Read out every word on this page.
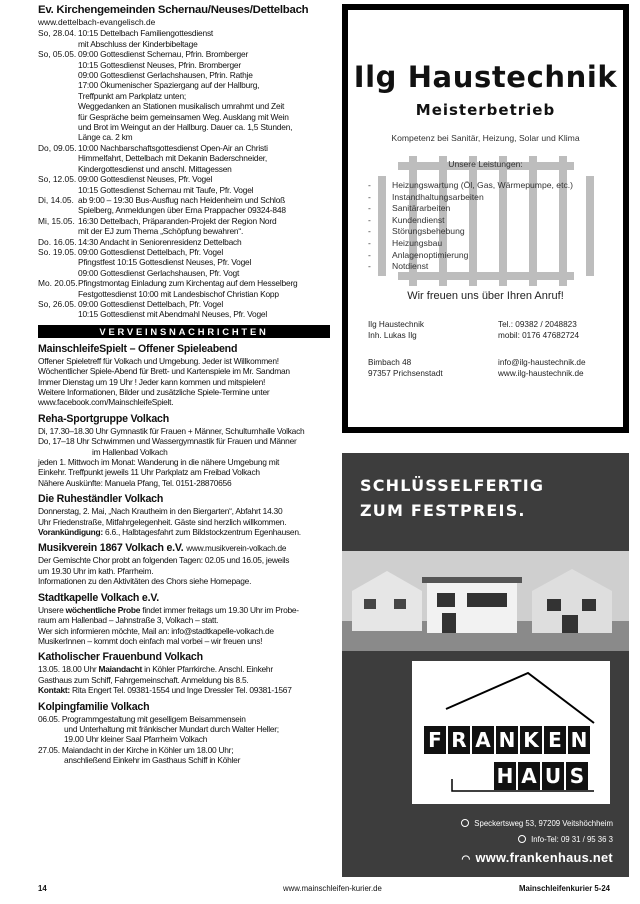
Ev. Kirchengemeinden Schernau/Neuses/Dettelbach
www.dettelbach-evangelisch.de
So, 28.04. 10:15 Dettelbach Familiengottesdienst
mit Abschluss der Kinderbibeltage
So, 05.05. 09:00 Gottesdienst Schernau, Pfrin. Bromberger
10:15 Gottesdienst Neuses, Pfrin. Bromberger
09:00 Gottesdienst Gerlachshausen, Pfrin. Rathje
17:00 Ökumenischer Spaziergang auf der Hallburg,
Treffpunkt am Parkplatz unten;
Weggedanken an Stationen musikalisch umrahmt und Zeit
für Gespräche beim gemeinsamen Weg. Ausklang mit Wein
und Brot im Weingut an der Hallburg. Dauer ca. 1,5 Stunden,
Länge ca. 2 km
Do, 09.05. 10:00 Nachbarschaftsgottesdienst Open-Air an Christi
Himmelfahrt, Dettelbach mit Dekanin Baderschneider,
Kindergottesdienst und anschl. Mittagessen
So, 12.05. 09:00 Gottesdienst Neuses, Pfr. Vogel
10:15 Gottesdienst Schernau mit Taufe, Pfr. Vogel
Di, 14.05. ab 9:00 – 19:30 Bus-Ausflug nach Heidenheim und Schloß
Spielberg, Anmeldungen über Erna Prappacher 09324-848
Mi, 15.05. 16:30 Dettelbach, Präparanden-Projekt der Region Nord
mit der EJ zum Thema „Schöpfung bewahren“.
Do. 16.05. 14:30 Andacht in Seniorenresidenz Dettelbach
So. 19.05. 09:00 Gottesdienst Dettelbach, Pfr. Vogel
Pfingstfest 10:15 Gottesdienst Neuses, Pfr. Vogel
09:00 Gottesdienst Gerlachshausen, Pfr. Vogt
Mo. 20.05. Pfingstmontag Einladung zum Kirchentag auf dem Hesselberg
Festgottesdienst 10:00 mit Landesbischof Christian Kopp
So, 26.05. 09:00 Gottesdienst Dettelbach, Pfr. Vogel
10:15 Gottesdienst mit Abendmahl Neuses, Pfr. Vogel
VERVEINSNACHRICHTEN
MainschleifeSpielt – Offener Spieleabend

Offener Spieletreff für Volkach und Umgebung. Jeder ist Willkommen!

Wöchentlicher Spiele-Abend für Brett- und Kartenspiele im Mr. Sandman

Immer Dienstag um 19 Uhr ! Jeder kann kommen und mitspielen!

Weitere Informationen, Bilder und zusätzliche Spiele-Termine unter

www.facebook.com/MainschleifeSpielt.

Reha-Sportgruppe Volkach

Di, 17.30–18.30 Uhr Gymnastik für Frauen + Männer, Schulturnhalle Volkach

Do, 17–18 Uhr Schwimmen und Wassergymnastik für Frauen und Männer

im Hallenbad Volkach

jeden 1. Mittwoch im Monat: Wanderung in die nähere Umgebung mit

Einkehr. Treffpunkt jeweils 11 Uhr Parkplatz am Freibad Volkach

Nähere Auskünfte: Manuela Pfang, Tel. 0151-28870656

Die Ruheständler Volkach

Donnerstag, 2. Mai, „Nach Krautheim in den Biergarten“, Abfahrt 14.30

Uhr Friedenstraße, Mitfahrgelegenheit. Gäste sind herzlich willkommen.

Vorankündigung: 6.6., Halbtagesfahrt zum Bildstockzentrum Egenhausen.

Musikverein 1867 Volkach e.V. www.musikverein-volkach.de

Der Gemischte Chor probt an folgenden Tagen: 02.05 und 16.05, jeweils

um 19.30 Uhr im kath. Pfarrheim.

Informationen zu den Aktivitäten des Chors siehe Homepage.

Stadtkapelle Volkach e.V.

Unsere wöchentliche Probe findet immer freitags um 19.30 Uhr im Probe-

raum am Hallenbad – Jahnstraße 3, Volkach – statt.

Wer sich informieren möchte, Mail an: info@stadtkapelle-volkach.de

MusikerInnen – kommt doch einfach mal vorbei – wir freuen uns!

Katholischer Frauenbund Volkach

13.05. 18.00 Uhr Maiandacht in Köhler Pfarrkirche. Anschl. Einkehr

Gasthaus zum Schiff, Fahrgemeinschaft. Anmeldung bis 8.5.

Kontakt: Rita Engert Tel. 09381-1554 und Inge Dressler Tel. 09381-1567

Kolpingfamilie Volkach

06.05. Programmgestaltung mit geselligem Beisammensein

und Unterhaltung mit fränkischer Mundart durch Walter Heller;

19.00 Uhr kleiner Saal Pfarrheim Volkach

27.05. Maiandacht in der Kirche in Köhler um 18.00 Uhr;

anschließend Einkehr im Gasthaus Schiff in Köhler

14	www.mainschleifen-kurier.de	Mainschleifenkurier 5-24
Ilg Haustechnik
Meisterbetrieb
Kompetenz bei Sanitär, Heizung, Solar und Klima
Unsere Leistungen:
- Heizungswartung (Öl, Gas, Wärmepumpe, etc.)
- Instandhaltungsarbeiten
- Sanitärarbeiten
- Kundendienst
- Störungsbehebung
- Heizungsbau
- Anlagenoptimierung
- Notdienst
Wir freuen uns über Ihren Anruf!
Ilg Haustechnik
Inh. Lukas Ilg
Tel.: 09382 / 2048823
mobil: 0176 47682724
Bimbach 48
97357 Prichsenstadt
info@ilg-haustechnik.de
www.ilg-haustechnik.de
SCHLÜSSELFERTIG
ZUM FESTPREIS.
F R A N K E N
H A U S
Speckertsweg 53, 97209 Veitshöchheim
Info-Tel: 09 31 / 95 36 3
◠ www.frankenhaus.net
